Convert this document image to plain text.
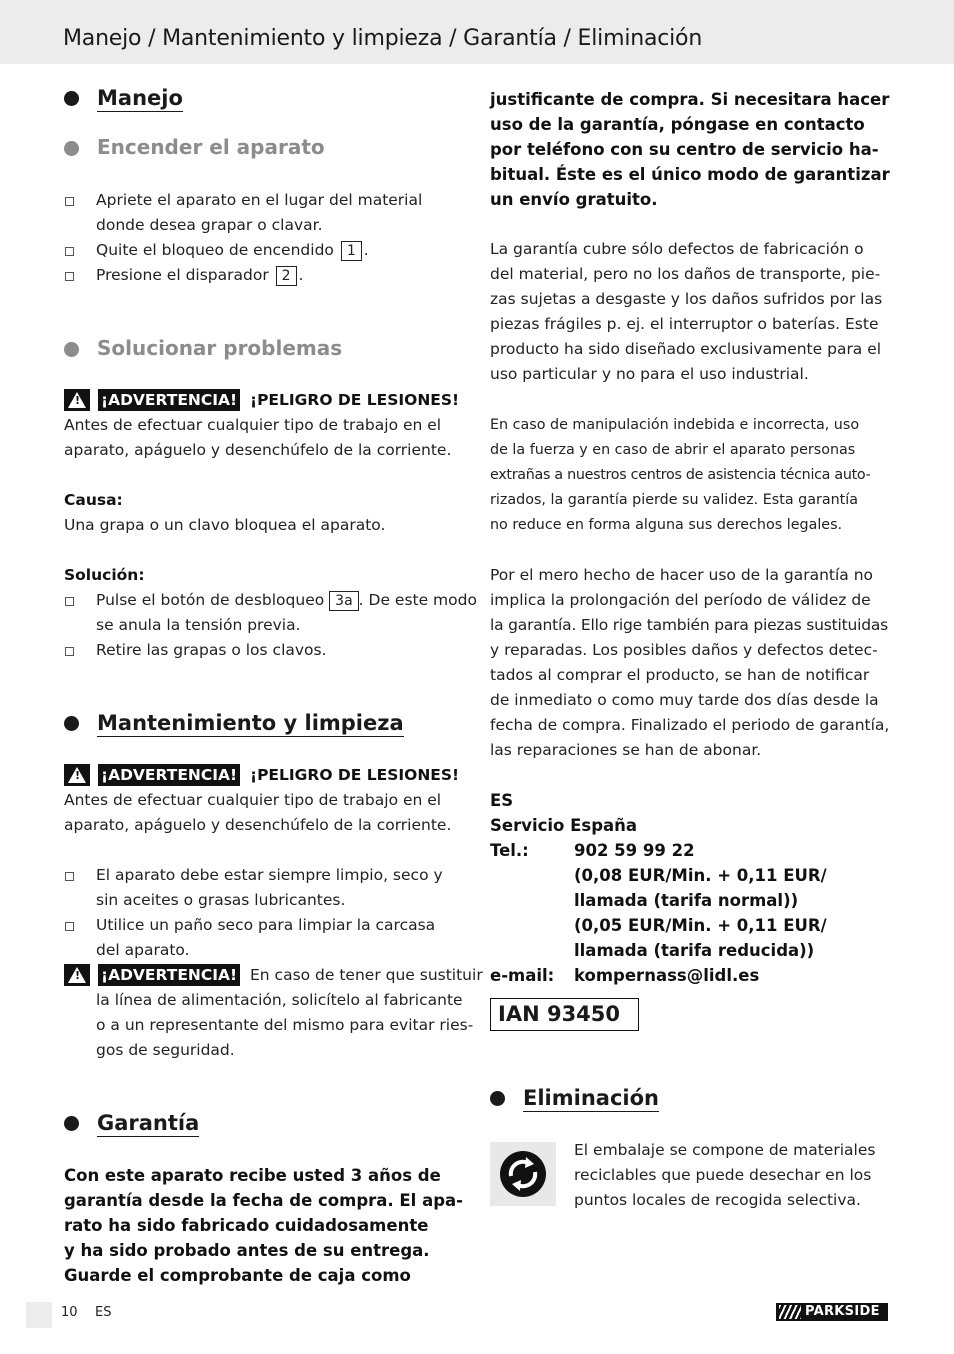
Manejo / Mantenimiento y limpieza / Garantía / Eliminación
Manejo
Encender el aparato
Apriete el aparato en el lugar del material
donde desea grapar o clavar.
Quite el bloqueo de encendido 1 .
Presione el disparador 2 .
Solucionar problemas
! ¡ADVERTENCIA! ¡PELIGRO DE LESIONES!
Antes de efectuar cualquier tipo de trabajo en el
aparato, apáguelo y desenchúfelo de la corriente.
Causa:
Una grapa o un clavo bloquea el aparato.
Solución:
Pulse el botón de desbloqueo 3a . De este modo
se anula la tensión previa.
Retire las grapas o los clavos.
Mantenimiento y limpieza
! ¡ADVERTENCIA! ¡PELIGRO DE LESIONES!
Antes de efectuar cualquier tipo de trabajo en el
aparato, apáguelo y desenchúfelo de la corriente.
El aparato debe estar siempre limpio, seco y
sin aceites o grasas lubricantes.
Utilice un paño seco para limpiar la carcasa
del aparato.
! ¡ADVERTENCIA! En caso de tener que sustituir
la línea de alimentación, solicítelo al fabricante
o a un representante del mismo para evitar ries-
gos de seguridad.
Garantía
Con este aparato recibe usted 3 años de
garantía desde la fecha de compra. El apa-
rato ha sido fabricado cuidadosamente
y ha sido probado antes de su entrega.
Guarde el comprobante de caja como
justificante de compra. Si necesitara hacer
uso de la garantía, póngase en contacto
por teléfono con su centro de servicio ha-
bitual. Éste es el único modo de garantizar
un envío gratuito.
La garantía cubre sólo defectos de fabricación o
del material, pero no los daños de transporte, pie-
zas sujetas a desgaste y los daños sufridos por las
piezas frágiles p. ej. el interruptor o baterías. Este
producto ha sido diseñado exclusivamente para el
uso particular y no para el uso industrial.
En caso de manipulación indebida e incorrecta, uso
de la fuerza y en caso de abrir el aparato personas
extrañas a nuestros centros de asistencia técnica auto-
rizados, la garantía pierde su validez. Esta garantía
no reduce en forma alguna sus derechos legales.
Por el mero hecho de hacer uso de la garantía no
implica la prolongación del período de válidez de
la garantía. Ello rige también para piezas sustituidas
y reparadas. Los posibles daños y defectos detec-
tados al comprar el producto, se han de notificar
de inmediato o como muy tarde dos días desde la
fecha de compra. Finalizado el periodo de garantía,
las reparaciones se han de abonar.
ES
Servicio España
Tel.:	902 59 99 22
(0,08 EUR/Min. + 0,11 EUR/
llamada (tarifa normal))
(0,05 EUR/Min. + 0,11 EUR/
llamada (tarifa reducida))
e-mail: kompernass@lidl.es
IAN 93450
Eliminación
El embalaje se compone de materiales
reciclables que puede desechar en los
puntos locales de recogida selectiva.
10 ES	PARKSIDE
